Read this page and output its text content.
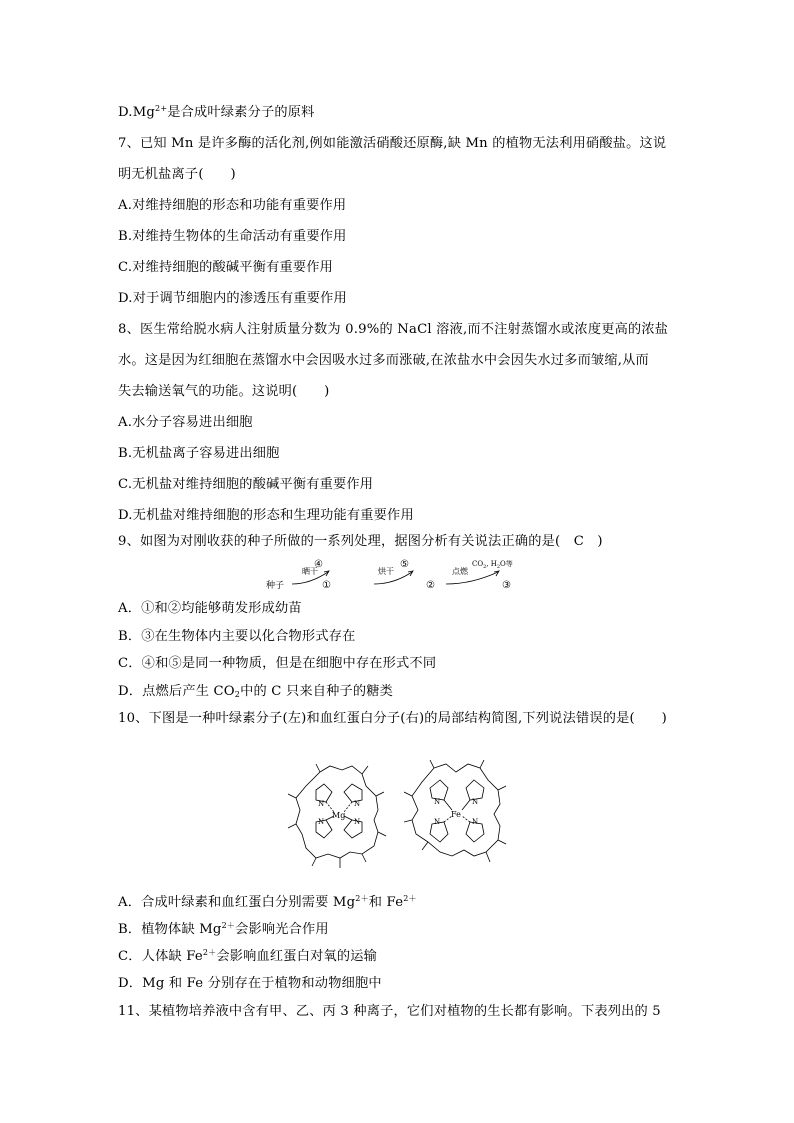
$D.Mg^{2+}$是合成叶绿素分子的原料
7、已知 Mn 是许多酶的活化剂,例如能激活硝酸还原酶,缺 Mn 的植物无法利用硝酸盐。这说
明无机盐离子(　　)
A.对维持细胞的形态和功能有重要作用
B.对维持生物体的生命活动有重要作用
C.对维持细胞的酸碱平衡有重要作用
D.对于调节细胞内的渗透压有重要作用
8、医生常给脱水病人注射质量分数为 0.9%的 NaCl 溶液,而不注射蒸馏水或浓度更高的浓盐
水。这是因为红细胞在蒸馏水中会因吸水过多而涨破,在浓盐水中会因失水过多而皱缩,从而
失去输送氧气的功能。这说明(　　)
A.水分子容易进出细胞
B.无机盐离子容易进出细胞
C.无机盐对维持细胞的酸碱平衡有重要作用
D.无机盐对维持细胞的形态和生理功能有重要作用
9、如图为对刚收获的种子所做的一系列处理，据图分析有关说法正确的是(　C　)
种子
晒干
④
①
烘干
⑤
②
点燃
$CO_2$, $H_2O$等
③
A．①和②均能够萌发形成幼苗
B．③在生物体内主要以化合物形式存在
C．④和⑤是同一种物质，但是在细胞中存在形式不同
D．点燃后产生 $CO_2$中的 C 只来自种子的糖类
10、下图是一种叶绿素分子(左)和血红蛋白分子(右)的局部结构简图,下列说法错误的是(　　)
N	N
N	N
Mg
N	N
N	N
Fe
A．合成叶绿素和血红蛋白分别需要 $Mg^{2+}$和 $Fe^{2+}$
B．植物体缺 $Mg^{2+}$会影响光合作用
C．人体缺 $Fe^{2+}$会影响血红蛋白对氧的运输
D．Mg 和 Fe 分别存在于植物和动物细胞中
11、某植物培养液中含有甲、乙、丙 3 种离子，它们对植物的生长都有影响。下表列出的 5
